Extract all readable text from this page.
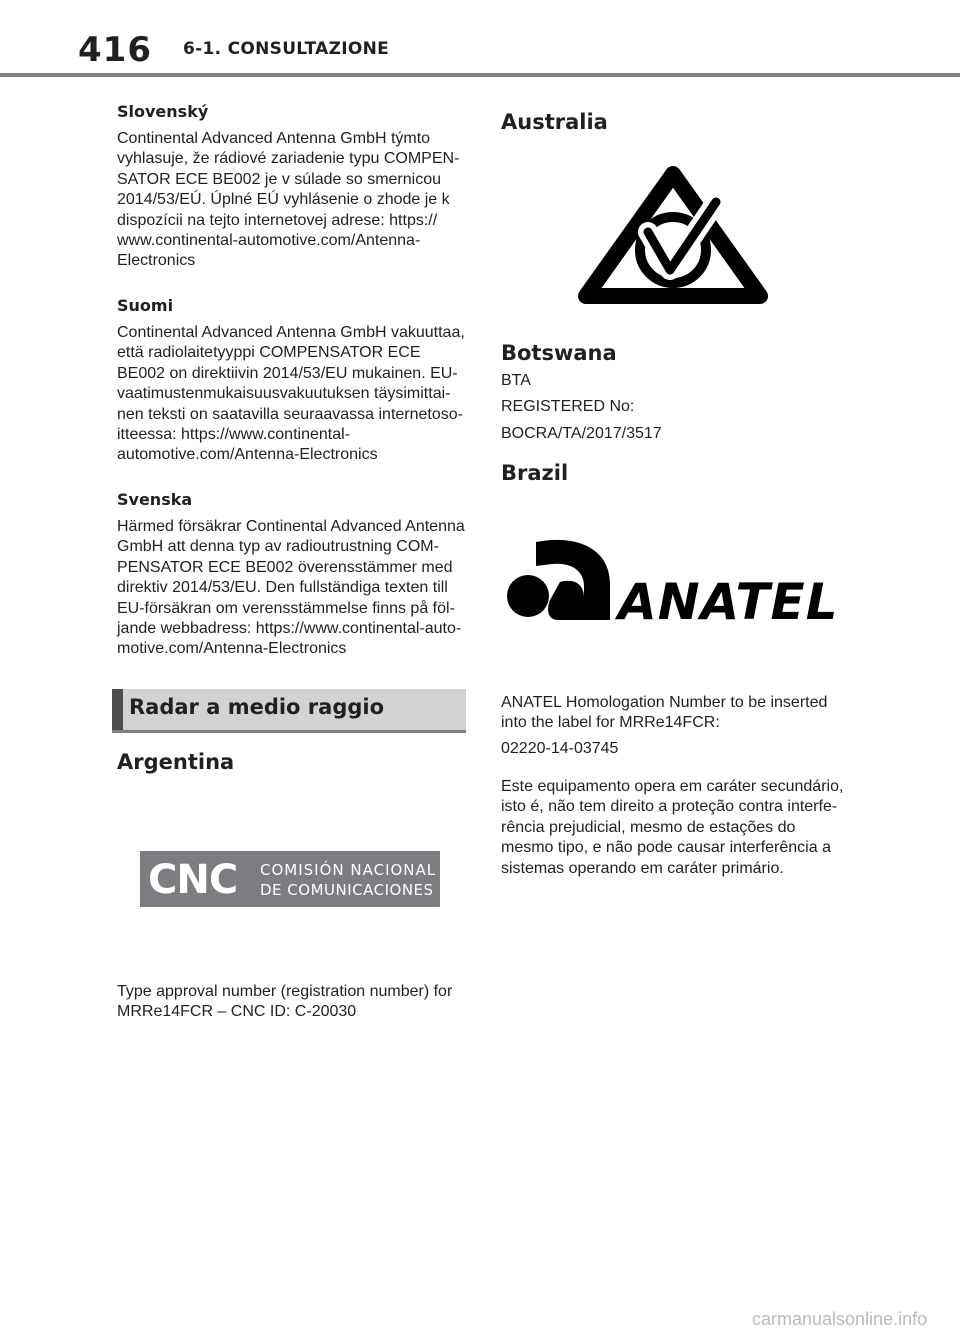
416 6-1. CONSULTAZIONE
Slovenský

Continental Advanced Antenna GmbH týmto
vyhlasuje, že rádiové zariadenie typu COMPEN-
SATOR ECE BE002 je v súlade so smernicou
2014/53/EÚ. Úplné EÚ vyhlásenie o zhode je k
dispozícii na tejto internetovej adrese: https://
www.continental-automotive.com/Antenna-
Electronics

Suomi

Continental Advanced Antenna GmbH vakuuttaa,
että radiolaitetyyppi COMPENSATOR ECE
BE002 on direktiivin 2014/53/EU mukainen. EU-
vaatimustenmukaisuusvakuutuksen täysimittai-
nen teksti on saatavilla seuraavassa internetoso-
itteessa: https://www.continental-
automotive.com/Antenna-Electronics

Svenska

Härmed försäkrar Continental Advanced Antenna
GmbH att denna typ av radioutrustning COM-
PENSATOR ECE BE002 överensstämmer med
direktiv 2014/53/EU. Den fullständiga texten till
EU-försäkran om verensstämmelse finns på föl-
jande webbadress: https://www.continental-auto-
motive.com/Antenna-Electronics

Radar a medio raggio
Argentina
CNC COMISIÓN NACIONAL
DE COMUNICACIONES

Type approval number (registration number) for
MRRe14FCR – CNC ID: C-20030

Australia
Botswana
BTA
REGISTERED No:
BOCRA/TA/2017/3517
Brazil
ANATEL

ANATEL Homologation Number to be inserted
into the label for MRRe14FCR:

02220-14-03745

Este equipamento opera em caráter secundário,
isto é, não tem direito a proteção contra interfe-
rência prejudicial, mesmo de estações do
mesmo tipo, e não pode causar interferência a
sistemas operando em caráter primário.

carmanualsonline.info
